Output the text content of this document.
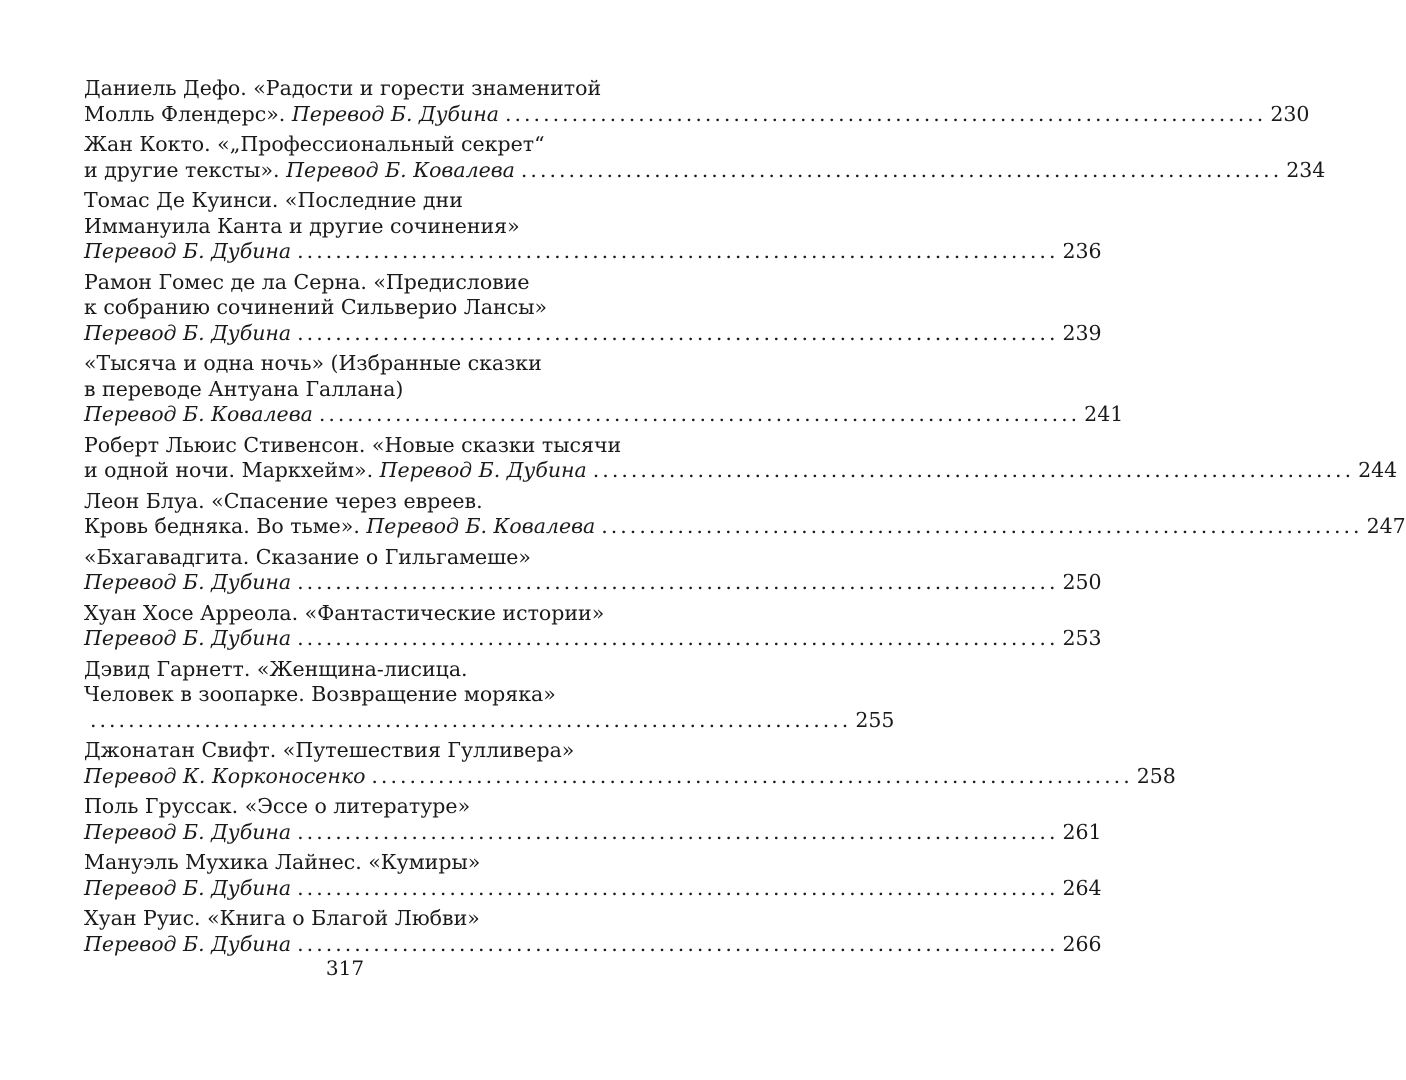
Даниель Дефо. «Радости и горести знаменитой
Молль Флендерс». Перевод Б. Дубина ................................................................................ 230
Жан Кокто. «„Профессиональный секрет“
и другие тексты». Перевод Б. Ковалева ................................................................................ 234
Томас Де Куинси. «Последние дни
Иммануила Канта и другие сочинения»
Перевод Б. Дубина ................................................................................ 236
Рамон Гомес де ла Серна. «Предисловие
к собранию сочинений Сильверио Лансы»
Перевод Б. Дубина ................................................................................ 239
«Тысяча и одна ночь» (Избранные сказки
в переводе Антуана Галлана)
Перевод Б. Ковалева ................................................................................ 241
Роберт Льюис Стивенсон. «Новые сказки тысячи
и одной ночи. Маркхейм». Перевод Б. Дубина ................................................................................ 244
Леон Блуа. «Спасение через евреев.
Кровь бедняка. Во тьме». Перевод Б. Ковалева ................................................................................ 247
«Бхагавадгита. Сказание о Гильгамеше»
Перевод Б. Дубина ................................................................................ 250
Хуан Хосе Арреола. «Фантастические истории»
Перевод Б. Дубина ................................................................................ 253
Дэвид Гарнетт. «Женщина-лисица.
Человек в зоопарке. Возвращение моряка»
................................................................................ 255
Джонатан Свифт. «Путешествия Гулливера»
Перевод К. Корконосенко ................................................................................ 258
Поль Груссак. «Эссе о литературе»
Перевод Б. Дубина ................................................................................ 261
Мануэль Мухика Лайнес. «Кумиры»
Перевод Б. Дубина ................................................................................ 264
Хуан Руис. «Книга о Благой Любви»
Перевод Б. Дубина ................................................................................ 266
317
